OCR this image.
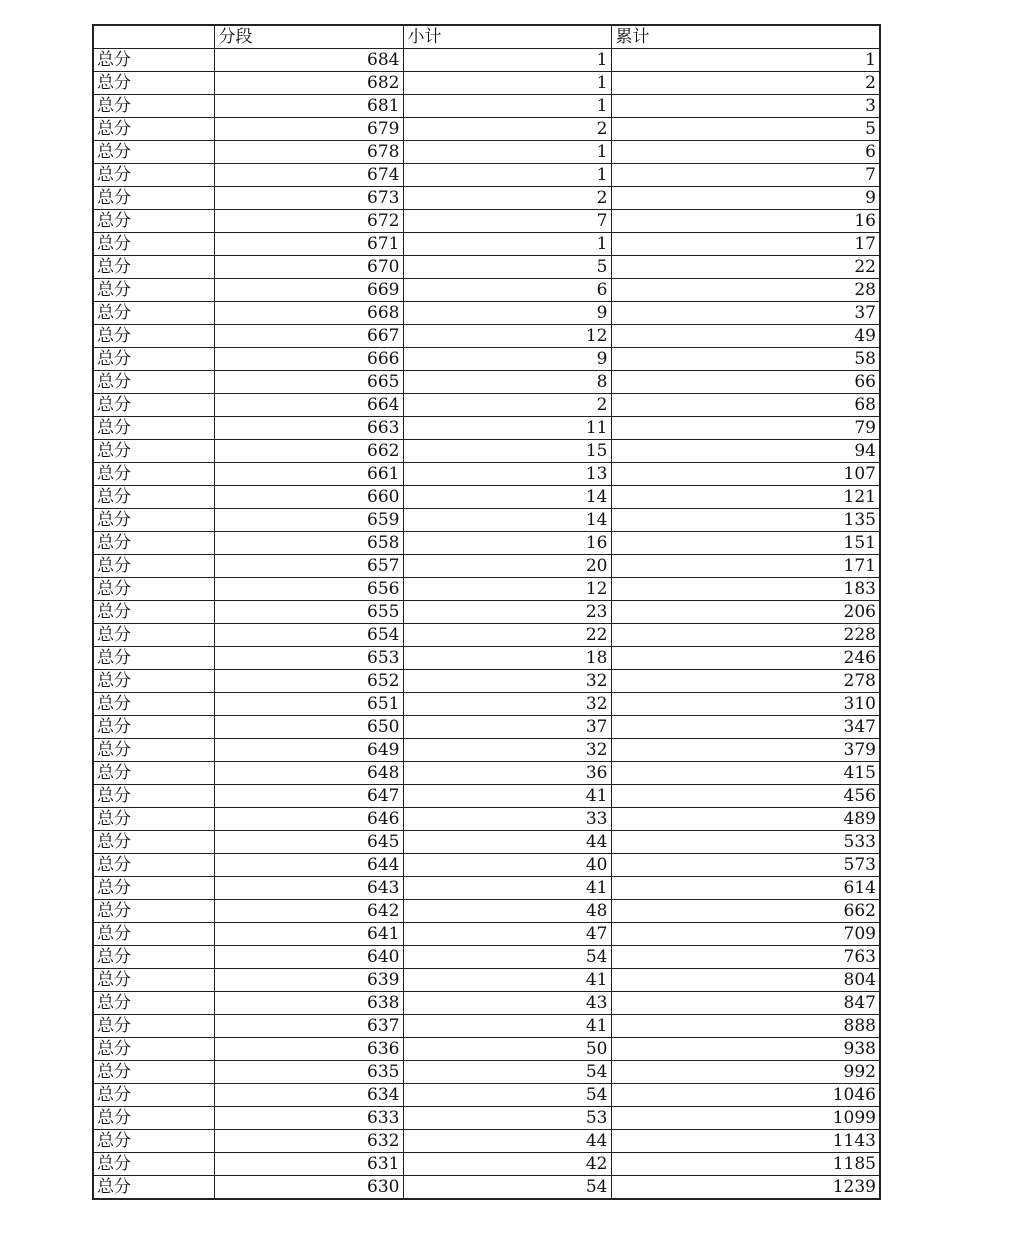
	分段	小计	累计
总分	684	1	1
总分	682	1	2
总分	681	1	3
总分	679	2	5
总分	678	1	6
总分	674	1	7
总分	673	2	9
总分	672	7	16
总分	671	1	17
总分	670	5	22
总分	669	6	28
总分	668	9	37
总分	667	12	49
总分	666	9	58
总分	665	8	66
总分	664	2	68
总分	663	11	79
总分	662	15	94
总分	661	13	107
总分	660	14	121
总分	659	14	135
总分	658	16	151
总分	657	20	171
总分	656	12	183
总分	655	23	206
总分	654	22	228
总分	653	18	246
总分	652	32	278
总分	651	32	310
总分	650	37	347
总分	649	32	379
总分	648	36	415
总分	647	41	456
总分	646	33	489
总分	645	44	533
总分	644	40	573
总分	643	41	614
总分	642	48	662
总分	641	47	709
总分	640	54	763
总分	639	41	804
总分	638	43	847
总分	637	41	888
总分	636	50	938
总分	635	54	992
总分	634	54	1046
总分	633	53	1099
总分	632	44	1143
总分	631	42	1185
总分	630	54	1239
